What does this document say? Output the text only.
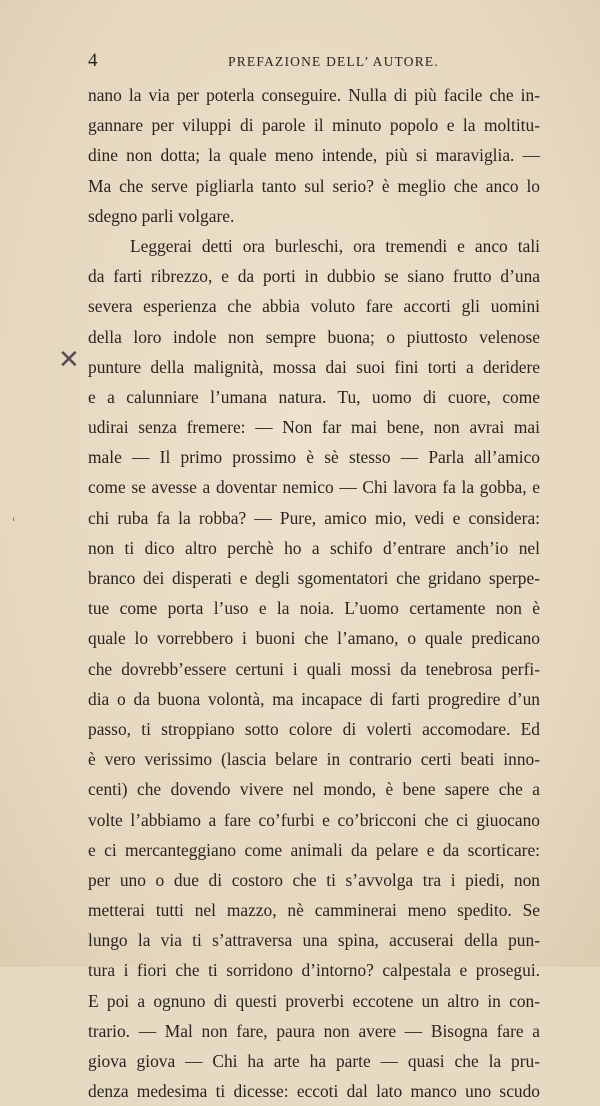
4	PREFAZIONE DELL’ AUTORE.
✕
ˈ
nano la via per poterla conseguire. Nulla di più facile che in-
gannare per viluppi di parole il minuto popolo e la moltitu-
dine non dotta; la quale meno intende, più si maraviglia. —
Ma che serve pigliarla tanto sul serio? è meglio che anco lo
sdegno parli volgare.
Leggerai detti ora burleschi, ora tremendi e anco tali
da farti ribrezzo, e da porti in dubbio se siano frutto d’una
severa esperienza che abbia voluto fare accorti gli uomini
della loro indole non sempre buona; o piuttosto velenose
punture della malignità, mossa dai suoi fini torti a deridere
e a calunniare l’umana natura. Tu, uomo di cuore, come
udirai senza fremere: — Non far mai bene, non avrai mai
male — Il primo prossimo è sè stesso — Parla all’amico
come se avesse a doventar nemico — Chi lavora fa la gobba, e
chi ruba fa la robba? — Pure, amico mio, vedi e considera:
non ti dico altro perchè ho a schifo d’entrare anch’io nel
branco dei disperati e degli sgomentatori che gridano sperpe-
tue come porta l’uso e la noia. L’uomo certamente non è
quale lo vorrebbero i buoni che l’amano, o quale predicano
che dovrebb’essere certuni i quali mossi da tenebrosa perfi-
dia o da buona volontà, ma incapace di farti progredire d’un
passo, ti stroppiano sotto colore di volerti accomodare. Ed
è vero verissimo (lascia belare in contrario certi beati inno-
centi) che dovendo vivere nel mondo, è bene sapere che a
volte l’abbiamo a fare co’furbi e co’bricconi che ci giuocano
e ci mercanteggiano come animali da pelare e da scorticare:
per uno o due di costoro che ti s’avvolga tra i piedi, non
metterai tutti nel mazzo, nè camminerai meno spedito. Se
lungo la via ti s’attraversa una spina, accuserai della pun-
tura i fiori che ti sorridono d’intorno? calpestala e prosegui.
E poi a ognuno di questi proverbi eccotene un altro in con-
trario. — Mal non fare, paura non avere — Bisogna fare a
giova giova — Chi ha arte ha parte — quasi che la pru-
denza medesima ti dicesse: eccoti dal lato manco uno scudo
